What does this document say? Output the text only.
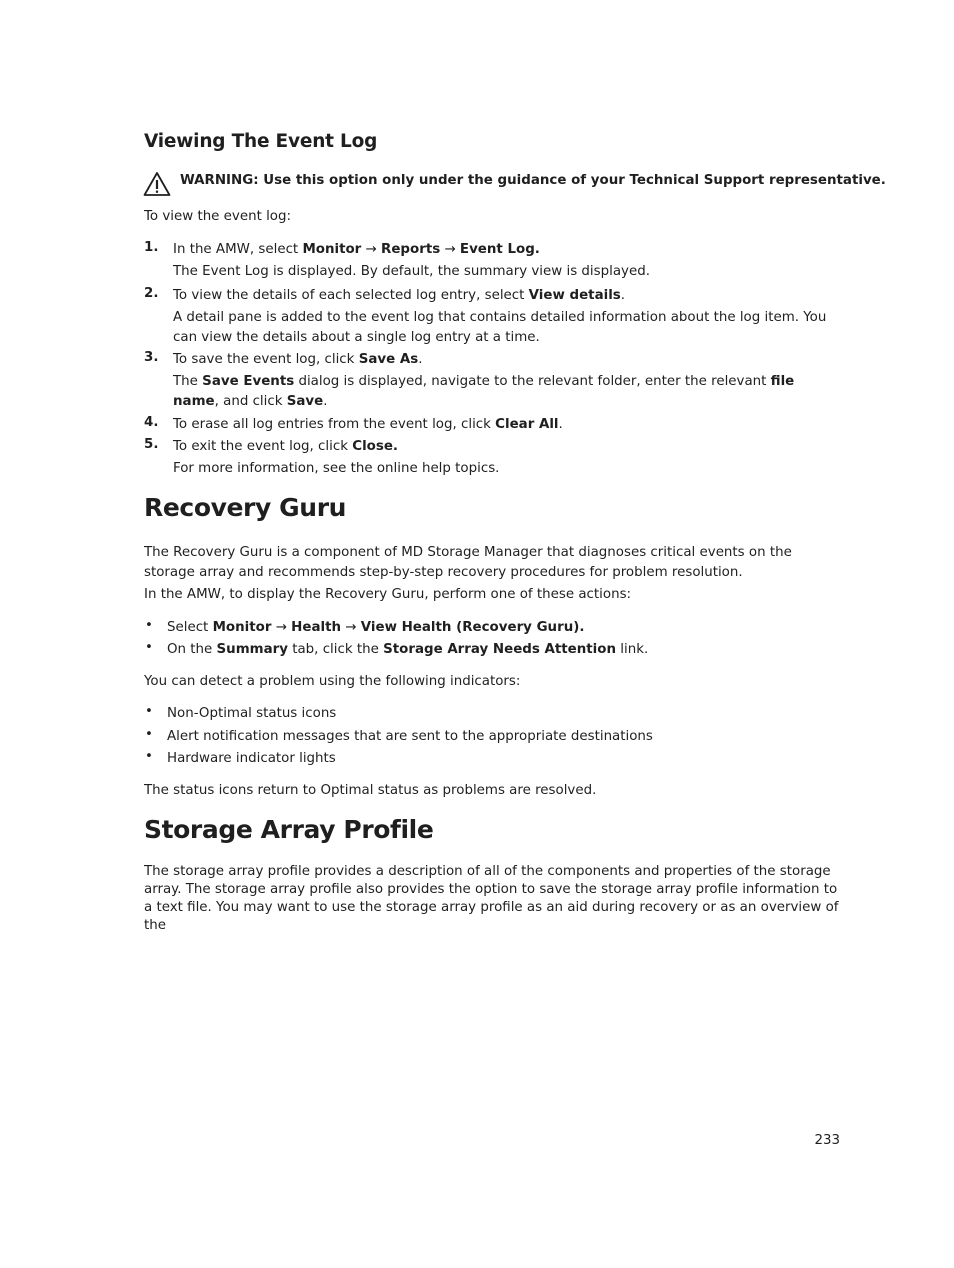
Viewing The Event Log
WARNING: Use this option only under the guidance of your Technical Support representative.
To view the event log:
1. In the AMW, select Monitor → Reports → Event Log.
The Event Log is displayed. By default, the summary view is displayed.
2. To view the details of each selected log entry, select View details.
A detail pane is added to the event log that contains detailed information about the log item. You can view the details about a single log entry at a time.
3. To save the event log, click Save As.
The Save Events dialog is displayed, navigate to the relevant folder, enter the relevant file name, and click Save.
4. To erase all log entries from the event log, click Clear All.
5. To exit the event log, click Close.
For more information, see the online help topics.
Recovery Guru
The Recovery Guru is a component of MD Storage Manager that diagnoses critical events on the storage array and recommends step-by-step recovery procedures for problem resolution.
In the AMW, to display the Recovery Guru, perform one of these actions:
• Select Monitor → Health → View Health (Recovery Guru).
• On the Summary tab, click the Storage Array Needs Attention link.
You can detect a problem using the following indicators:
• Non-Optimal status icons
• Alert notification messages that are sent to the appropriate destinations
• Hardware indicator lights
The status icons return to Optimal status as problems are resolved.
Storage Array Profile
The storage array profile provides a description of all of the components and properties of the storage array. The storage array profile also provides the option to save the storage array profile information to a text file. You may want to use the storage array profile as an aid during recovery or as an overview of the
233
